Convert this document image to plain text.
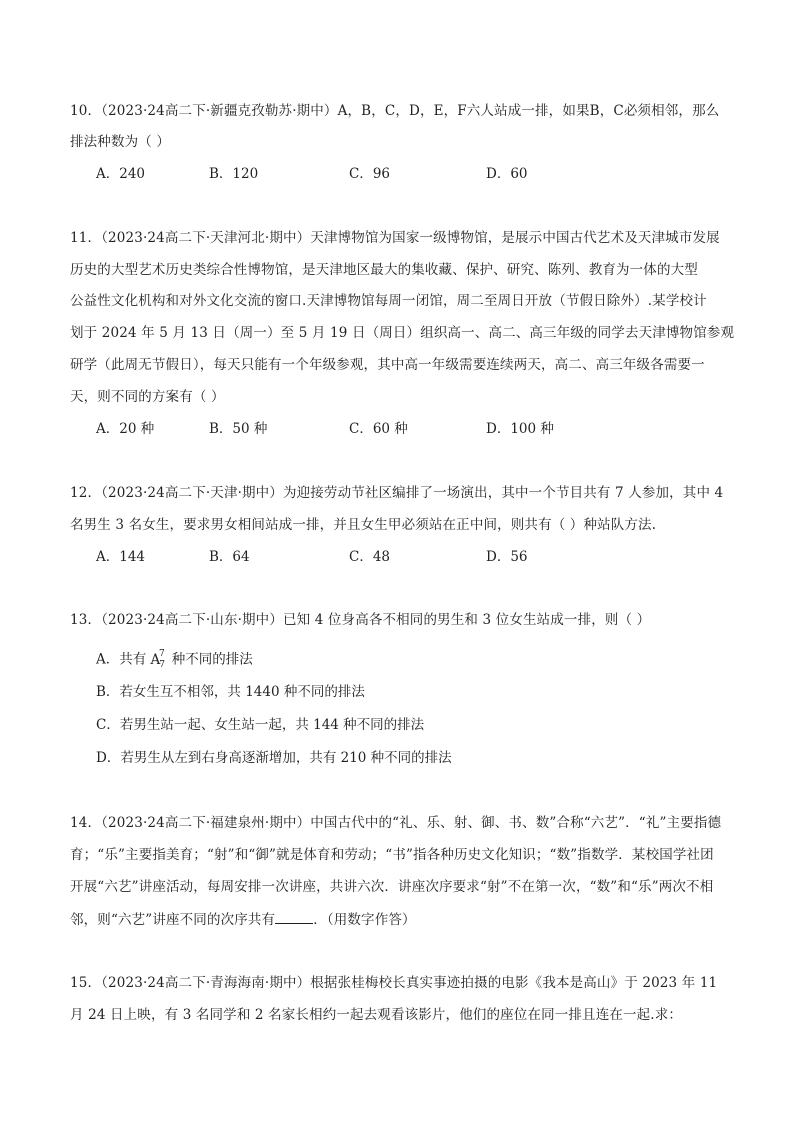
10．（2023·24高二下·新疆克孜勒苏·期中）A，B，C，D，E，F六人站成一排，如果B，C必须相邻，那么
排法种数为（ ）
A．240	B．120	C．96	D．60
11．（2023·24高二下·天津河北·期中）天津博物馆为国家一级博物馆，是展示中国古代艺术及天津城市发展
历史的大型艺术历史类综合性博物馆，是天津地区最大的集收藏、保护、研究、陈列、教育为一体的大型
公益性文化机构和对外文化交流的窗口.天津博物馆每周一闭馆，周二至周日开放（节假日除外）.某学校计
划于 2024 年 5 月 13 日（周一）至 5 月 19 日（周日）组织高一、高二、高三年级的同学去天津博物馆参观
研学（此周无节假日），每天只能有一个年级参观，其中高一年级需要连续两天，高二、高三年级各需要一
天，则不同的方案有（ ）
A．20 种	B．50 种	C．60 种	D．100 种
12．（2023·24高二下·天津·期中）为迎接劳动节社区编排了一场演出，其中一个节目共有 7 人参加，其中 4
名男生 3 名女生，要求男女相间站成一排，并且女生甲必须站在正中间，则共有（ ）种站队方法.
A．144	B．64	C．48	D．56
13．（2023·24高二下·山东·期中）已知 4 位身高各不相同的男生和 3 位女生站成一排，则（ ）
A．共有 $A_7^7$ 种不同的排法
B．若女生互不相邻，共 1440 种不同的排法
C．若男生站一起、女生站一起，共 144 种不同的排法
D．若男生从左到右身高逐渐增加，共有 210 种不同的排法
14．（2023·24高二下·福建泉州·期中）中国古代中的“礼、乐、射、御、书、数”合称“六艺”．“礼”主要指德
育；“乐”主要指美育；“射”和“御”就是体育和劳动；“书”指各种历史文化知识；“数”指数学．某校国学社团
开展“六艺”讲座活动，每周安排一次讲座，共讲六次．讲座次序要求“射”不在第一次，“数”和“乐”两次不相
邻，则“六艺”讲座不同的次序共有	．（用数字作答）
15．（2023·24高二下·青海海南·期中）根据张桂梅校长真实事迹拍摄的电影《我本是高山》于 2023 年 11
月 24 日上映，有 3 名同学和 2 名家长相约一起去观看该影片，他们的座位在同一排且连在一起.求：
